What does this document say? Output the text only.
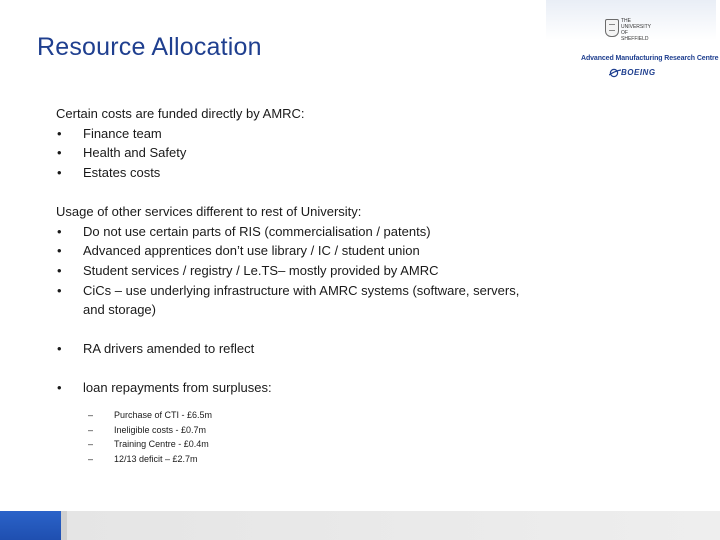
Resource Allocation
THE
UNIVERSITY
OF
SHEFFIELD
Advanced Manufacturing Research Centre
BOEING
Certain costs are funded directly by AMRC:
• Finance team
• Health and Safety
• Estates costs
Usage of other services different to rest of University:
• Do not use certain parts of RIS (commercialisation / patents)
• Advanced apprentices don’t use library / IC / student union
• Student services / registry / Le.TS– mostly provided by AMRC
• CiCs – use underlying infrastructure with AMRC systems (software, servers, and storage)
• RA drivers amended to reflect
• loan repayments from surpluses:
– Purchase of CTI - £6.5m
– Ineligible costs - £0.7m
– Training Centre - £0.4m
– 12/13 deficit – £2.7m
